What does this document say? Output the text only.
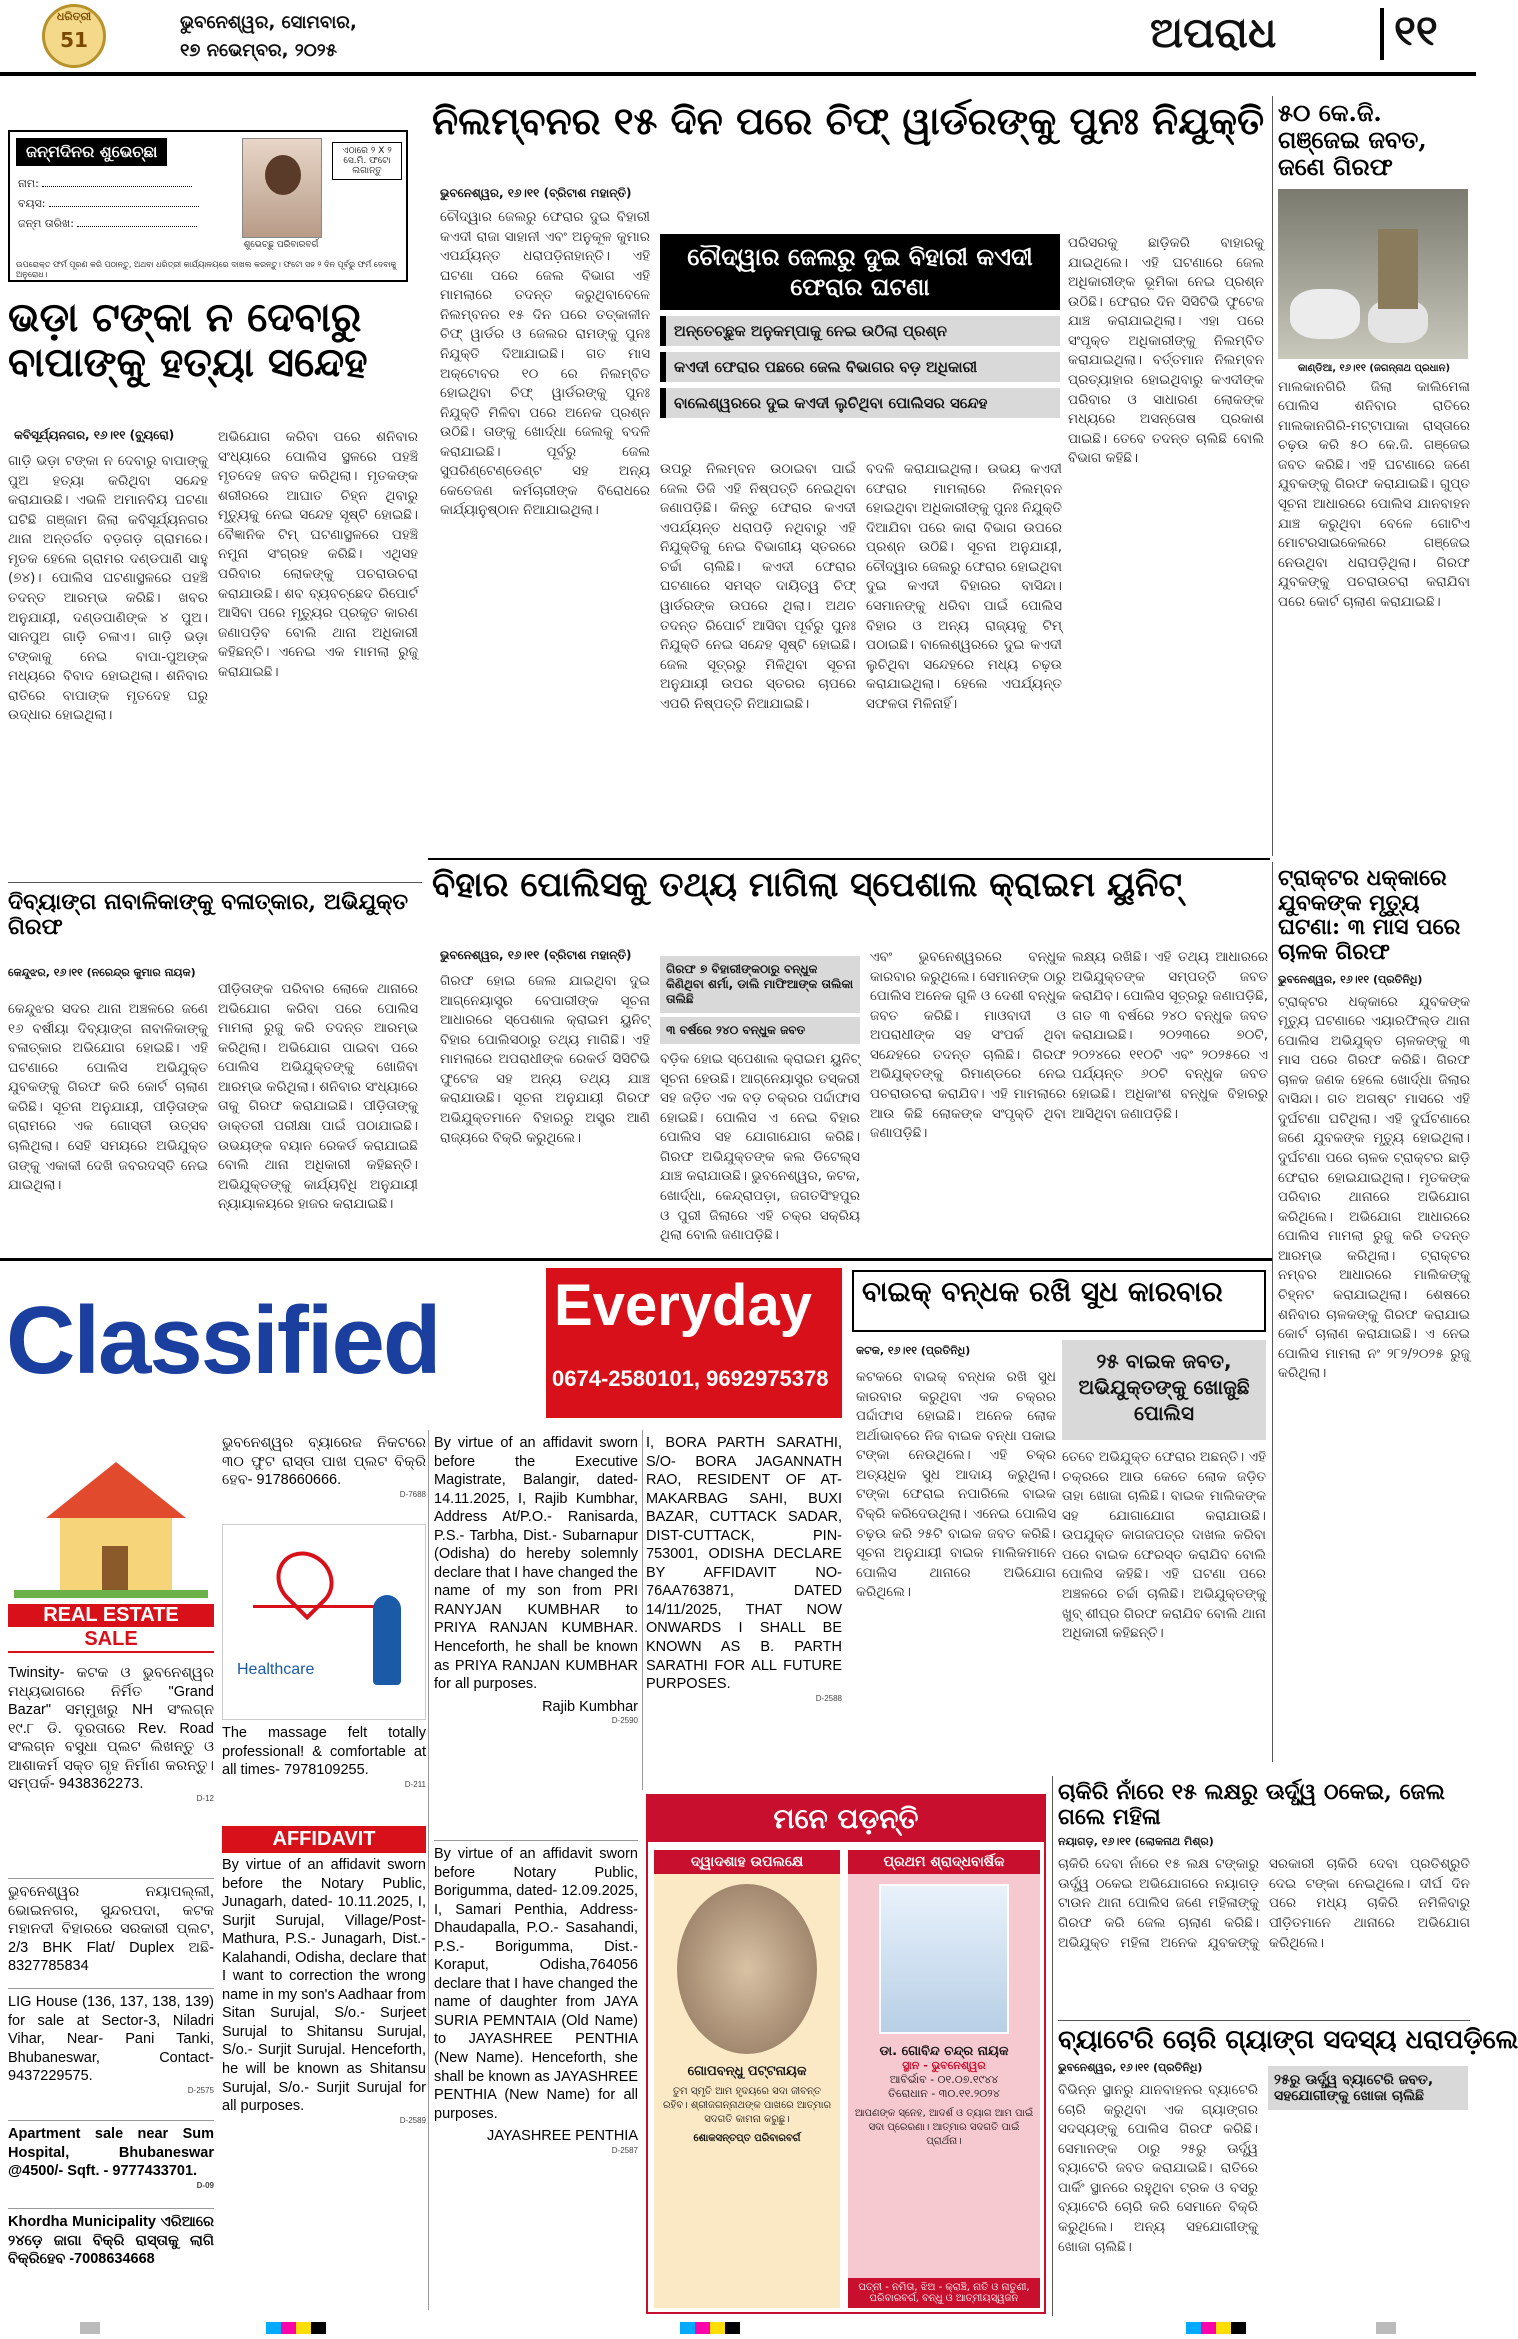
51
ଧରିତ୍ରୀ	ଭୁବନେଶ୍ୱର, ସୋମବାର,
୧୭ ନଭେମ୍ବର, ୨୦୨୫	ଅପରାଧ	୧୧
ଜନ୍ମଦିନର ଶୁଭେଚ୍ଛା
ନାମ:
ବୟସ:
ଜନ୍ମ ତାରିଖ:
ଶୁଭେଚ୍ଛୁ ପରିବାରବର୍ଗ
ଏଠାରେ ୨ X ୨ ସେ.ମି. ଫଟୋ ଲଗାନ୍ତୁ
ଉପରୋକ୍ତ ଫର୍ମ ପୂରଣ କରି ପଠାନ୍ତୁ, ଅଥବା ଧରିତ୍ରୀ କାର୍ଯ୍ୟାଳୟରେ ଦାଖଲ କରନ୍ତୁ। ଫଟୋ ସହ ୨ ଦିନ ପୂର୍ବରୁ ଫର୍ମ ଦେବାକୁ ଅନୁରୋଧ।
ଭଡ଼ା ଟଙ୍କା ନ ଦେବାରୁ ବାପାଙ୍କୁ ହତ୍ୟା ସନ୍ଦେହ
କବିସୂର୍ଯ୍ୟନଗର, ୧୬।୧୧ (ବ୍ୟୁରୋ)
ଗାଡ଼ି ଭଡ଼ା ଟଙ୍କା ନ ଦେବାରୁ ବାପାଙ୍କୁ ପୁଅ ହତ୍ୟା କରିଥିବା ସନ୍ଦେହ କରାଯାଉଛି। ଏଭଳି ଅମାନବିୟ ଘଟଣା ଘଟିଛି ଗଞ୍ଜାମ ଜିଲା କବିସୂର୍ଯ୍ୟନଗର ଥାନା ଅନ୍ତର୍ଗତ ବଡ଼ଗଡ଼ ଗ୍ରାମରେ। ମୃତକ ହେଲେ ଗ୍ରାମର ଦଣ୍ଡପାଣି ସାହୁ (୭୪)। ପୋଲିସ ଘଟଣାସ୍ଥଳରେ ପହଞ୍ଚି ତଦନ୍ତ ଆରମ୍ଭ କରିଛି। ଖବର ଅନୁଯାୟୀ, ଦଣ୍ଡପାଣିଙ୍କ ୪ ପୁଅ। ସାନପୁଅ ଗାଡ଼ି ଚଳାଏ। ଗାଡ଼ି ଭଡ଼ା ଟଙ୍କାକୁ ନେଇ ବାପା-ପୁଅଙ୍କ ମଧ୍ୟରେ ବିବାଦ ହୋଇଥିଲା। ଶନିବାର ରାତିରେ ବାପାଙ୍କ ମୃତଦେହ ଘରୁ ଉଦ୍ଧାର ହୋଇଥିଲା।
ଅଭିଯୋଗ କରିବା ପରେ ଶନିବାର ସଂଧ୍ୟାରେ ପୋଲିସ ସ୍ଥଳରେ ପହଞ୍ଚି ମୃତଦେହ ଜବତ କରିଥିଲା। ମୃତକଙ୍କ ଶରୀରରେ ଆଘାତ ଚିହ୍ନ ଥିବାରୁ ମୃତ୍ୟୁକୁ ନେଇ ସନ୍ଦେହ ସୃଷ୍ଟି ହୋଇଛି। ବୈଜ୍ଞାନିକ ଟିମ୍ ଘଟଣାସ୍ଥଳରେ ପହଞ୍ଚି ନମୁନା ସଂଗ୍ରହ କରିଛି। ଏଥିସହ ପରିବାର ଲୋକଙ୍କୁ ପଚରାଉଚରା କରାଯାଉଛି। ଶବ ବ୍ୟବଚ୍ଛେଦ ରିପୋର୍ଟ ଆସିବା ପରେ ମୃତ୍ୟୁର ପ୍ରକୃତ କାରଣ ଜଣାପଡ଼ିବ ବୋଲି ଥାନା ଅଧିକାରୀ କହିଛନ୍ତି। ଏନେଇ ଏକ ମାମଲା ରୁଜୁ କରାଯାଇଛି।
ନିଲମ୍ବନର ୧୫ ଦିନ ପରେ ଚିଫ୍ ୱାର୍ଡରଙ୍କୁ ପୁନଃ ନିଯୁକ୍ତି
ଭୁବନେଶ୍ୱର, ୧୬।୧୧ (ବ୍ରିଟାଶ ମହାନ୍ତି)
ଚୌଦ୍ୱାର ଜେଲରୁ ଫେରାର ଦୁଇ ବିହାରୀ କଏଦୀ ରାଜା ସାହାନୀ ଏବଂ ଅନୁକୂଳ କୁମାର ଏପର୍ଯ୍ୟନ୍ତ ଧରାପଡ଼ିନାହାନ୍ତି। ଏହି ଘଟଣା ପରେ ଜେଲ ବିଭାଗ ଏହି ମାମଲାରେ ତଦନ୍ତ କରୁଥିବାବେଳେ ନିଲମ୍ବନର ୧୫ ଦିନ ପରେ ତତ୍କାଳୀନ ଚିଫ୍ ୱାର୍ଡର ଓ ଜେଲର ରାମଙ୍କୁ ପୁନଃ ନିଯୁକ୍ତି ଦିଆଯାଇଛି। ଗତ ମାସ ଅକ୍ଟୋବର ୧୦ ରେ ନିଲମ୍ବିତ ହୋଇଥିବା ଚିଫ୍ ୱାର୍ଡରଙ୍କୁ ପୁନଃ ନିଯୁକ୍ତି ମିଳିବା ପରେ ଅନେକ ପ୍ରଶ୍ନ ଉଠିଛି। ତାଙ୍କୁ ଖୋର୍ଦ୍ଧା ଜେଲକୁ ବଦଳି କରାଯାଇଛି। ପୂର୍ବରୁ ଜେଲ ସୁପରିଣ୍ଟେଣ୍ଡେଣ୍ଟ ସହ ଅନ୍ୟ କେତେଜଣ କର୍ମଚାରୀଙ୍କ ବିରୋଧରେ କାର୍ଯ୍ୟାନୁଷ୍ଠାନ ନିଆଯାଇଥିଲା।
ଚୌଦ୍ୱାର ଜେଲରୁ ଦୁଇ ବିହାରୀ କଏଦୀ ଫେରାର ଘଟଣା
ଅନ୍ତେଚ୍ଛୁକ ଅନୁକମ୍ପାକୁ ନେଇ ଉଠିଲା ପ୍ରଶ୍ନ
କଏଦୀ ଫେରାର ପଛରେ ଜେଲ ବିଭାଗର ବଡ଼ ଅଧିକାରୀ
ବାଲେଶ୍ୱରରେ ଦୁଇ କଏଦୀ ଲୁଚିଥିବା ପୋଲିସର ସନ୍ଦେହ
ଉପରୁ ନିଲମ୍ବନ ଉଠାଇବା ପାଇଁ ଜେଲ ଡିଜି ଏହି ନିଷ୍ପତ୍ତି ନେଇଥିବା ଜଣାପଡ଼ିଛି। କିନ୍ତୁ ଫେରାର କଏଦୀ ଏପର୍ଯ୍ୟନ୍ତ ଧରାପଡ଼ି ନଥିବାରୁ ଏହି ନିଯୁକ୍ତିକୁ ନେଇ ବିଭାଗୀୟ ସ୍ତରରେ ଚର୍ଚ୍ଚା ଚାଲିଛି। କଏଦୀ ଫେରାର ଘଟଣାରେ ସମସ୍ତ ଦାୟିତ୍ୱ ଚିଫ୍ ୱାର୍ଡରଙ୍କ ଉପରେ ଥିଲା। ଅଥଚ ତଦନ୍ତ ରିପୋର୍ଟ ଆସିବା ପୂର୍ବରୁ ପୁନଃ ନିଯୁକ୍ତି ନେଇ ସନ୍ଦେହ ସୃଷ୍ଟି ହୋଇଛି। ଜେଲ ସୂତ୍ରରୁ ମିଳିଥିବା ସୂଚନା ଅନୁଯାୟୀ ଉପର ସ୍ତରର ଚାପରେ ଏପରି ନିଷ୍ପତ୍ତି ନିଆଯାଇଛି।
ବଦଳି କରାଯାଇଥିଲା। ଉଭୟ କଏଦୀ ଫେରାର ମାମଲାରେ ନିଲମ୍ବନ ହୋଇଥିବା ଅଧିକାରୀଙ୍କୁ ପୁନଃ ନିଯୁକ୍ତି ଦିଆଯିବା ପରେ କାରା ବିଭାଗ ଉପରେ ପ୍ରଶ୍ନ ଉଠିଛି। ସୂଚନା ଅନୁଯାୟୀ, ଚୌଦ୍ୱାର ଜେଲରୁ ଫେରାର ହୋଇଥିବା ଦୁଇ କଏଦୀ ବିହାରର ବାସିନ୍ଦା। ସେମାନଙ୍କୁ ଧରିବା ପାଇଁ ପୋଲିସ ବିହାର ଓ ଅନ୍ୟ ରାଜ୍ୟକୁ ଟିମ୍ ପଠାଇଛି। ବାଲେଶ୍ୱରରେ ଦୁଇ କଏଦୀ ଲୁଚିଥିବା ସନ୍ଦେହରେ ମଧ୍ୟ ଚଢ଼ଉ କରାଯାଇଥିଲା। ହେଲେ ଏପର୍ଯ୍ୟନ୍ତ ସଫଳତା ମିଳିନାହିଁ।
ପରିସରକୁ ଛାଡ଼ିକରି ବାହାରକୁ ଯାଇଥିଲେ। ଏହି ଘଟଣାରେ ଜେଲ ଅଧିକାରୀଙ୍କ ଭୂମିକା ନେଇ ପ୍ରଶ୍ନ ଉଠିଛି। ଫେରାର ଦିନ ସିସିଟିଭି ଫୁଟେଜ ଯାଞ୍ଚ କରାଯାଇଥିଲା। ଏହା ପରେ ସଂପୃକ୍ତ ଅଧିକାରୀଙ୍କୁ ନିଲମ୍ବିତ କରାଯାଇଥିଲା। ବର୍ତ୍ତମାନ ନିଲମ୍ବନ ପ୍ରତ୍ୟାହାର ହୋଇଥିବାରୁ କଏଦୀଙ୍କ ପରିବାର ଓ ସାଧାରଣ ଲୋକଙ୍କ ମଧ୍ୟରେ ଅସନ୍ତୋଷ ପ୍ରକାଶ ପାଇଛି। ତେବେ ତଦନ୍ତ ଚାଲିଛି ବୋଲି ବିଭାଗ କହିଛି।
୫୦ କେ.ଜି. ଗଞ୍ଜେଇ ଜବତ, ଜଣେ ଗିରଫ
କାଣ୍ଡିଆ, ୧୬।୧୧ (ଜଗନ୍ନାଥ ପ୍ରଧାନ)
ମାଲକାନଗିରି ଜିଲା କାଲିମେଳା ପୋଲିସ ଶନିବାର ରାତିରେ ମାଲକାନଗିରି-ମଟ୍ଟାପାକା ରାସ୍ତାରେ ଚଢ଼ଉ କରି ୫୦ କେ.ଜି. ଗଞ୍ଜେଇ ଜବତ କରିଛି। ଏହି ଘଟଣାରେ ଜଣେ ଯୁବକଙ୍କୁ ଗିରଫ କରାଯାଇଛି। ଗୁପ୍ତ ସୂଚନା ଆଧାରରେ ପୋଲିସ ଯାନବାହନ ଯାଞ୍ଚ କରୁଥିବା ବେଳେ ଗୋଟିଏ ମୋଟରସାଇକେଲରେ ଗଞ୍ଜେଇ ନେଉଥିବା ଧରାପଡ଼ିଥିଲା। ଗିରଫ ଯୁବକଙ୍କୁ ପଚରାଉଚରା କରାଯିବା ପରେ କୋର୍ଟ ଚାଲାଣ କରାଯାଇଛି।
ଦିବ୍ୟାଙ୍ଗ ନାବାଳିକାଙ୍କୁ ବଳାତ୍କାର, ଅଭିଯୁକ୍ତ ଗିରଫ
କେନ୍ଦୁଝର, ୧୬।୧୧ (ନରେନ୍ଦ୍ର କୁମାର ନାୟକ)
କେନ୍ଦୁଝର ସଦର ଥାନା ଅଞ୍ଚଳରେ ଜଣେ ୧୬ ବର୍ଷୀୟା ଦିବ୍ୟାଙ୍ଗ ନାବାଳିକାଙ୍କୁ ବଳାତ୍କାର ଅଭିଯୋଗ ହୋଇଛି। ଏହି ଘଟଣାରେ ପୋଲିସ ଅଭିଯୁକ୍ତ ଯୁବକଙ୍କୁ ଗିରଫ କରି କୋର୍ଟ ଚାଲାଣ କରିଛି। ସୂଚନା ଅନୁଯାୟୀ, ପୀଡ଼ିତାଙ୍କ ଗ୍ରାମରେ ଏକ ଗୋସ୍ତୀ ଉତ୍ସବ ଚାଲିଥିଲା। ସେହି ସମୟରେ ଅଭିଯୁକ୍ତ ତାଙ୍କୁ ଏକାକୀ ଦେଖି ଜବରଦସ୍ତି ନେଇ ଯାଇଥିଲା।
ପୀଡ଼ିତାଙ୍କ ପରିବାର ଲୋକେ ଥାନାରେ ଅଭିଯୋଗ କରିବା ପରେ ପୋଲିସ ମାମଲା ରୁଜୁ କରି ତଦନ୍ତ ଆରମ୍ଭ କରିଥିଲା। ଅଭିଯୋଗ ପାଇବା ପରେ ପୋଲିସ ଅଭିଯୁକ୍ତଙ୍କୁ ଖୋଜିବା ଆରମ୍ଭ କରିଥିଲା। ଶନିବାର ସଂଧ୍ୟାରେ ତାକୁ ଗିରଫ କରାଯାଇଛି। ପୀଡ଼ିତାଙ୍କୁ ଡାକ୍ତରୀ ପରୀକ୍ଷା ପାଇଁ ପଠାଯାଇଛି। ଉଭୟଙ୍କ ବୟାନ ରେକର୍ଡ କରାଯାଇଛି ବୋଲି ଥାନା ଅଧିକାରୀ କହିଛନ୍ତି। ଅଭିଯୁକ୍ତଙ୍କୁ କାର୍ଯ୍ୟବିଧି ଅନୁଯାୟୀ ନ୍ୟାୟାଳୟରେ ହାଜର କରାଯାଇଛି।
ବିହାର ପୋଲିସକୁ ତଥ୍ୟ ମାଗିଲା ସ୍ପେଶାଲ କ୍ରାଇମ ୟୁନିଟ୍
ଭୁବନେଶ୍ୱର, ୧୬।୧୧ (ବ୍ରିଟାଶ ମହାନ୍ତି)
ଗିରଫ ହୋଇ ଜେଲ ଯାଇଥିବା ଦୁଇ ଆଗ୍ନେୟାସ୍ତ୍ର ବେପାରୀଙ୍କ ସୂଚନା ଆଧାରରେ ସ୍ପେଶାଲ କ୍ରାଇମ ୟୁନିଟ୍ ବିହାର ପୋଲିସଠାରୁ ତଥ୍ୟ ମାଗିଛି। ଏହି ମାମଲାରେ ଅପରାଧୀଙ୍କ ରେକର୍ଡ ସିସିଟିଭି ଫୁଟେଜ ସହ ଅନ୍ୟ ତଥ୍ୟ ଯାଞ୍ଚ କରାଯାଉଛି। ସୂଚନା ଅନୁଯାୟୀ ଗିରଫ ଅଭିଯୁକ୍ତମାନେ ବିହାରରୁ ଅସ୍ତ୍ର ଆଣି ରାଜ୍ୟରେ ବିକ୍ରି କରୁଥିଲେ।
ଗିରଫ ୭ ବିହାରୀଙ୍କଠାରୁ ବନ୍ଧୁକ କିଣିଥିବା ଶର୍ମା, ଡାଲି ମାଫିଆଙ୍କ ତାଲିକା ତାଲିଛି
୩ ବର୍ଷରେ ୨୪୦ ବନ୍ଧୁକ ଜବତ
ବଡ଼ିକ ହୋଇ ସ୍ପେଶାଲ କ୍ରାଇମ ୟୁନିଟ୍ ସୂଚନା ହେଉଛି। ଆଗ୍ନେୟାସ୍ତ୍ର ତସ୍କରୀ ସହ ଜଡ଼ିତ ଏକ ବଡ଼ ଚକ୍ରର ପର୍ଦ୍ଦାଫାସ ହୋଇଛି। ପୋଲିସ ଏ ନେଇ ବିହାର ପୋଲିସ ସହ ଯୋଗାଯୋଗ କରିଛି। ଗିରଫ ଅଭିଯୁକ୍ତଙ୍କ କଲ ଡିଟେଲ୍ସ ଯାଞ୍ଚ କରାଯାଉଛି। ଭୁବନେଶ୍ୱର, କଟକ, ଖୋର୍ଦ୍ଧା, କେନ୍ଦ୍ରାପଡ଼ା, ଜଗତସିଂହପୁର ଓ ପୁରୀ ଜିଲାରେ ଏହି ଚକ୍ର ସକ୍ରିୟ ଥିଲା ବୋଲି ଜଣାପଡ଼ିଛି।
ଏବଂ ଭୁବନେଶ୍ୱରରେ ବନ୍ଧୁକ କାରବାର କରୁଥିଲେ। ସେମାନଙ୍କ ଠାରୁ ପୋଲିସ ଅନେକ ଗୁଳି ଓ ଦେଶୀ ବନ୍ଧୁକ ଜବତ କରିଛି। ମାଓବାଦୀ ଓ ଅପରାଧୀଙ୍କ ସହ ସଂପର୍କ ଥିବା ସନ୍ଦେହରେ ତଦନ୍ତ ଚାଲିଛି। ଗିରଫ ଅଭିଯୁକ୍ତଙ୍କୁ ରିମାଣ୍ଡରେ ନେଇ ପଚରାଉଚରା କରାଯିବ। ଏହି ମାମଲାରେ ଆଉ କିଛି ଲୋକଙ୍କ ସଂପୃକ୍ତି ଥିବା ଜଣାପଡ଼ିଛି।
ଲକ୍ଷ୍ୟ ରଖିଛି। ଏହି ତଥ୍ୟ ଆଧାରରେ ଅଭିଯୁକ୍ତଙ୍କ ସମ୍ପତ୍ତି ଜବତ କରାଯିବ। ପୋଲିସ ସୂତ୍ରରୁ ଜଣାପଡ଼ିଛି, ଗତ ୩ ବର୍ଷରେ ୨୪୦ ବନ୍ଧୁକ ଜବତ କରାଯାଇଛି। ୨୦୨୩ରେ ୭୦ଟି, ୨୦୨୪ରେ ୧୧୦ଟି ଏବଂ ୨୦୨୫ରେ ଏ ପର୍ଯ୍ୟନ୍ତ ୬୦ଟି ବନ୍ଧୁକ ଜବତ ହୋଇଛି। ଅଧିକାଂଶ ବନ୍ଧୁକ ବିହାରରୁ ଆସିଥିବା ଜଣାପଡ଼ିଛି।
ଟ୍ରାକ୍ଟର ଧକ୍କାରେ ଯୁବକଙ୍କ ମୃତ୍ୟୁ ଘଟଣା: ୩ ମାସ ପରେ ଚାଳକ ଗିରଫ
ଭୁବନେଶ୍ୱର, ୧୬।୧୧ (ପ୍ରତିନିଧି)
ଟ୍ରାକ୍ଟର ଧକ୍କାରେ ଯୁବକଙ୍କ ମୃତ୍ୟୁ ଘଟଣାରେ ଏୟାରଫିଲ୍ଡ ଥାନା ପୋଲିସ ଅଭିଯୁକ୍ତ ଚାଳକଙ୍କୁ ୩ ମାସ ପରେ ଗିରଫ କରିଛି। ଗିରଫ ଚାଳକ ଜଣକ ହେଲେ ଖୋର୍ଦ୍ଧା ଜିଲାର ବାସିନ୍ଦା। ଗତ ଅଗଷ୍ଟ ମାସରେ ଏହି ଦୁର୍ଘଟଣା ଘଟିଥିଲା। ଏହି ଦୁର୍ଘଟଣାରେ ଜଣେ ଯୁବକଙ୍କ ମୃତ୍ୟୁ ହୋଇଥିଲା। ଦୁର୍ଘଟଣା ପରେ ଚାଳକ ଟ୍ରାକ୍ଟର ଛାଡ଼ି ଫେରାର ହୋଇଯାଇଥିଲା। ମୃତକଙ୍କ ପରିବାର ଥାନାରେ ଅଭିଯୋଗ କରିଥିଲେ। ଅଭିଯୋଗ ଆଧାରରେ ପୋଲିସ ମାମଲା ରୁଜୁ କରି ତଦନ୍ତ ଆରମ୍ଭ କରିଥିଲା। ଟ୍ରାକ୍ଟର ନମ୍ବର ଆଧାରରେ ମାଲିକଙ୍କୁ ଚିହ୍ନଟ କରାଯାଇଥିଲା। ଶେଷରେ ଶନିବାର ଚାଳକଙ୍କୁ ଗିରଫ କରାଯାଇ କୋର୍ଟ ଚାଲାଣ କରାଯାଇଛି। ଏ ନେଇ ପୋଲିସ ମାମଲା ନଂ ୨୮୨/୨୦୨୫ ରୁଜୁ କରିଥିଲା।
Classified Everyday
0674-2580101, 9692975378
REAL ESTATE
SALE
Twinsity- କଟକ ଓ ଭୁବନେଶ୍ୱର ମଧ୍ୟଭାଗରେ ନିର୍ମିତ "Grand Bazar" ସମ୍ମୁଖରୁ NH ସଂଲଗ୍ନ ୧୯.୮ ଡି. ଦୂରତାରେ Rev. Road ସଂଲଗ୍ନ ବସୁଧା ପ୍ଲଟ ଲିଖନ୍ତୁ ଓ ଆଶାକର୍ମ ସକ୍ତ ଗୃହ ନିର୍ମାଣ କରନ୍ତୁ। ସମ୍ପର୍କ- 9438362273.
D-12
ଭୁବନେଶ୍ୱର ନୟାପଲ୍ଲୀ, ଭୋଇନଗର, ସୁନ୍ଦରପଦା, କଟକ ମହାନଦୀ ବିହାରରେ ସରକାରୀ ପ୍ଲଟ, 2/3 BHK Flat/ Duplex ଅଛି- 8327785834
LIG House (136, 137, 138, 139) for sale at Sector-3, Niladri Vihar, Near- Pani Tanki, Bhubaneswar, Contact- 9437229575.
D-2575
Apartment sale near Sum Hospital, Bhubaneswar @4500/- Sqft. - 9777433701.
D-09
Khordha Municipality ଏରିଆରେ ୨୪ଡ଼େ ଜାଗା ବିକ୍ରି ରାସ୍ତାକୁ ଲାଗି ବିକ୍ରିହେବ -7008634668
ଭୁବନେଶ୍ୱର ବ୍ୟାରେଜ ନିକଟରେ ୩୦ ଫୁଟ ରାସ୍ତା ପାଖ ପ୍ଲଟ ବିକ୍ରି ହେବ- 9178660666.
D-7688
Healthcare
The massage felt totally professional! & comfortable at all times- 7978109255.
D-211
AFFIDAVIT
By virtue of an affidavit sworn before the Notary Public, Junagarh, dated- 10.11.2025, I, Surjit Surujal, Village/Post- Mathura, P.S.- Junagarh, Dist.- Kalahandi, Odisha, declare that I want to correction the wrong name in my son's Aadhaar from Sitan Surujal, S/o.- Surjeet Surujal to Shitansu Surujal, S/o.- Surjit Surujal. Henceforth, he will be known as Shitansu Surujal, S/o.- Surjit Surujal for all purposes.
D-2589
By virtue of an affidavit sworn before the Executive Magistrate, Balangir, dated- 14.11.2025, I, Rajib Kumbhar, Address At/P.O.- Ranisarda, P.S.- Tarbha, Dist.- Subarnapur (Odisha) do hereby solemnly declare that I have changed the name of my son from PRI RANYJAN KUMBHAR to PRIYA RANJAN KUMBHAR. Henceforth, he shall be known as PRIYA RANJAN KUMBHAR for all purposes.
Rajib Kumbhar
D-2590
By virtue of an affidavit sworn before Notary Public, Borigumma, dated- 12.09.2025, I, Samari Penthia, Address- Dhaudapalla, P.O.- Sasahandi, P.S.- Borigumma, Dist.- Koraput, Odisha,764056 declare that I have changed the name of daughter from JAYA SURIA PEMNTAIA (Old Name) to JAYASHREE PENTHIA (New Name). Henceforth, she shall be known as JAYASHREE PENTHIA (New Name) for all purposes.
JAYASHREE PENTHIA
D-2587
I, BORA PARTH SARATHI, S/O- BORA JAGANNATH RAO, RESIDENT OF AT-MAKARBAG SAHI, BUXI BAZAR, CUTTACK SADAR, DIST-CUTTACK, PIN- 753001, ODISHA DECLARE BY AFFIDAVIT NO- 76AA763871, DATED 14/11/2025, THAT NOW ONWARDS I SHALL BE KNOWN AS B. PARTH SARATHI FOR ALL FUTURE PURPOSES.
D-2588
ବାଇକ୍ ବନ୍ଧକ ରଖି ସୁଧ କାରବାର
କଟକ, ୧୬।୧୧ (ପ୍ରତିନିଧି)	୨୫ ବାଇକ ଜବତ, ଅଭିଯୁକ୍ତଙ୍କୁ ଖୋଜୁଛି ପୋଲିସ
କଟକରେ ବାଇକ୍ ବନ୍ଧକ ରଖି ସୁଧ କାରବାର କରୁଥିବା ଏକ ଚକ୍ରର ପର୍ଦ୍ଦାଫାସ ହୋଇଛି। ଅନେକ ଲୋକ ଅର୍ଥାଭାବରେ ନିଜ ବାଇକ ବନ୍ଧା ପକାଇ ଟଙ୍କା ନେଉଥିଲେ। ଏହି ଚକ୍ର ଅତ୍ୟଧିକ ସୁଧ ଆଦାୟ କରୁଥିଲା। ଟଙ୍କା ଫେରାଇ ନପାରିଲେ ବାଇକ ବିକ୍ରି କରିଦେଉଥିଲା। ଏନେଇ ପୋଲିସ ଚଢ଼ଉ କରି ୨୫ଟି ବାଇକ ଜବତ କରିଛି। ସୂଚନା ଅନୁଯାୟୀ ବାଇକ ମାଲିକମାନେ ପୋଲିସ ଥାନାରେ ଅଭିଯୋଗ କରିଥିଲେ।
ତେବେ ଅଭିଯୁକ୍ତ ଫେରାର ଅଛନ୍ତି। ଏହି ଚକ୍ରରେ ଆଉ କେତେ ଲୋକ ଜଡ଼ିତ ତାହା ଖୋଜା ଚାଲିଛି। ବାଇକ ମାଲିକଙ୍କ ସହ ଯୋଗାଯୋଗ କରାଯାଉଛି। ଉପଯୁକ୍ତ କାଗଜପତ୍ର ଦାଖଲ କରିବା ପରେ ବାଇକ ଫେରସ୍ତ କରାଯିବ ବୋଲି ପୋଲିସ କହିଛି। ଏହି ଘଟଣା ପରେ ଅଞ୍ଚଳରେ ଚର୍ଚ୍ଚା ଚାଲିଛି। ଅଭିଯୁକ୍ତଙ୍କୁ ଖୁବ୍ ଶୀଘ୍ର ଗିରଫ କରାଯିବ ବୋଲି ଥାନା ଅଧିକାରୀ କହିଛନ୍ତି।
ମନେ ପଡ଼ନ୍ତି
ଦ୍ୱାଦଶାହ ଉପଲକ୍ଷେ
ଗୋପବନ୍ଧୁ ପଟ୍ଟନାୟକ
ତୁମ ସ୍ମୃତି ଆମ ହୃଦୟରେ ସଦା ଜୀବନ୍ତ ରହିବ। ଶ୍ରୀଜଗନ୍ନାଥଙ୍କ ପାଖରେ ଆତ୍ମାର ସଦଗତି କାମନା କରୁଛୁ।
ଶୋକସନ୍ତପ୍ତ ପରିବାରବର୍ଗ
ପ୍ରଥମ ଶ୍ରାଦ୍ଧବାର୍ଷିକ
ଡା. ଗୋବିନ୍ଦ ଚନ୍ଦ୍ର ନାୟକ
ସ୍ଥାନ - ଭୁବନେଶ୍ୱର
ଆବିର୍ଭାବ - ୦୧.୦୭.୧୯୪୪
ତିରୋଧାନ - ୩୦.୧୧.୨୦୨୪
ଆପଣଙ୍କ ସ୍ନେହ, ଆଦର୍ଶ ଓ ତ୍ୟାଗ ଆମ ପାଇଁ ସଦା ପ୍ରେରଣା। ଆତ୍ମାର ସଦଗତି ପାଇଁ ପ୍ରାର୍ଥନା।
ପତ୍ନୀ - ନମିତା, ଝିଅ - କ୍ରାଞ୍ଚି, ନାତି ଓ ନାତୁଣୀ, ପରିବାରବର୍ଗ, ବନ୍ଧୁ ଓ ଆତ୍ମୀୟସ୍ୱଜନ
ଚାକିରି ନାଁରେ ୧୫ ଲକ୍ଷରୁ ଊର୍ଦ୍ଧ୍ୱ ଠକେଇ, ଜେଲ ଗଲେ ମହିଳା
ନୟାଗଡ଼, ୧୬।୧୧ (ଲୋକନାଥ ମିଶ୍ର)
ଚାକିରି ଦେବା ନାଁରେ ୧୫ ଲକ୍ଷ ଟଙ୍କାରୁ ଊର୍ଦ୍ଧ୍ୱ ଠକେଇ ଅଭିଯୋଗରେ ନୟାଗଡ଼ ଟାଉନ ଥାନା ପୋଲିସ ଜଣେ ମହିଳାଙ୍କୁ ଗିରଫ କରି ଜେଲ ଚାଲାଣ କରିଛି। ଅଭିଯୁକ୍ତ ମହିଳା ଅନେକ ଯୁବକଙ୍କୁ ସରକାରୀ ଚାକିରି ଦେବା ପ୍ରତିଶ୍ରୁତି ଦେଇ ଟଙ୍କା ନେଇଥିଲେ। ଦୀର୍ଘ ଦିନ ପରେ ମଧ୍ୟ ଚାକିରି ନମିଳିବାରୁ ପୀଡ଼ିତମାନେ ଥାନାରେ ଅଭିଯୋଗ କରିଥିଲେ।
ବ୍ୟାଟେରି ଚୋରି ଗ୍ୟାଙ୍ଗ ସଦସ୍ୟ ଧରାପଡ଼ିଲେ
ଭୁବନେଶ୍ୱର, ୧୬।୧୧ (ପ୍ରତିନିଧି)
୨୫ରୁ ଊର୍ଦ୍ଧ୍ୱ ବ୍ୟାଟେରି ଜବତ, ସହଯୋଗୀଙ୍କୁ ଖୋଜା ଚାଲିଛି
ବିଭିନ୍ନ ସ୍ଥାନରୁ ଯାନବାହନର ବ୍ୟାଟେରି ଚୋରି କରୁଥିବା ଏକ ଗ୍ୟାଙ୍ଗର ସଦସ୍ୟଙ୍କୁ ପୋଲିସ ଗିରଫ କରିଛି। ସେମାନଙ୍କ ଠାରୁ ୨୫ରୁ ଊର୍ଦ୍ଧ୍ୱ ବ୍ୟାଟେରି ଜବତ କରାଯାଇଛି। ରାତିରେ ପାର୍କିଂ ସ୍ଥାନରେ ରହୁଥିବା ଟ୍ରକ ଓ ବସରୁ ବ୍ୟାଟେରି ଚୋରି କରି ସେମାନେ ବିକ୍ରି କରୁଥିଲେ। ଅନ୍ୟ ସହଯୋଗୀଙ୍କୁ ଖୋଜା ଚାଲିଛି।
